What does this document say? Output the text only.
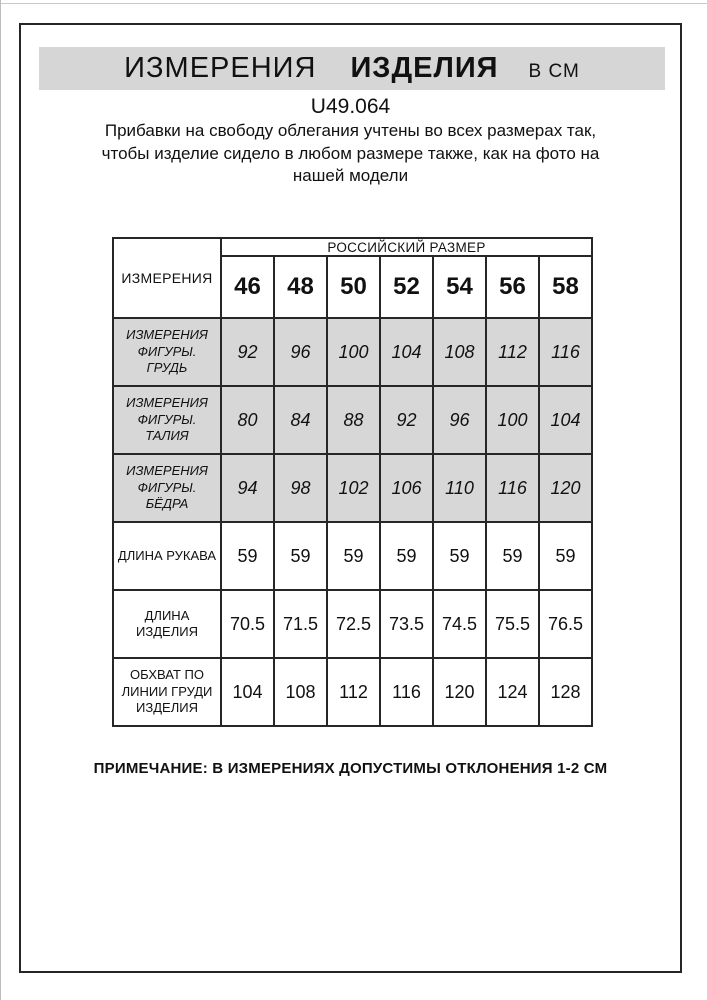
ИЗМЕРЕНИЯ ИЗДЕЛИЯ В СМ
U49.064

Прибавки на свободу облегания учтены во всех размерах так, чтобы изделие сидело в любом размере также, как на фото на нашей модели

ИЗМЕРЕНИЯ	РОССИЙСКИЙ РАЗМЕР						
	46	48	50	52	54	56	58
ИЗМЕРЕНИЯ ФИГУРЫ. ГРУДЬ	92	96	100	104	108	112	116
ИЗМЕРЕНИЯ ФИГУРЫ. ТАЛИЯ	80	84	88	92	96	100	104
ИЗМЕРЕНИЯ ФИГУРЫ. БЁДРА	94	98	102	106	110	116	120
ДЛИНА РУКАВА	59	59	59	59	59	59	59
ДЛИНА ИЗДЕЛИЯ	70.5	71.5	72.5	73.5	74.5	75.5	76.5
ОБХВАТ ПО ЛИНИИ ГРУДИ ИЗДЕЛИЯ	104	108	112	116	120	124	128
ПРИМЕЧАНИЕ: В ИЗМЕРЕНИЯХ ДОПУСТИМЫ ОТКЛОНЕНИЯ 1-2 СМ
